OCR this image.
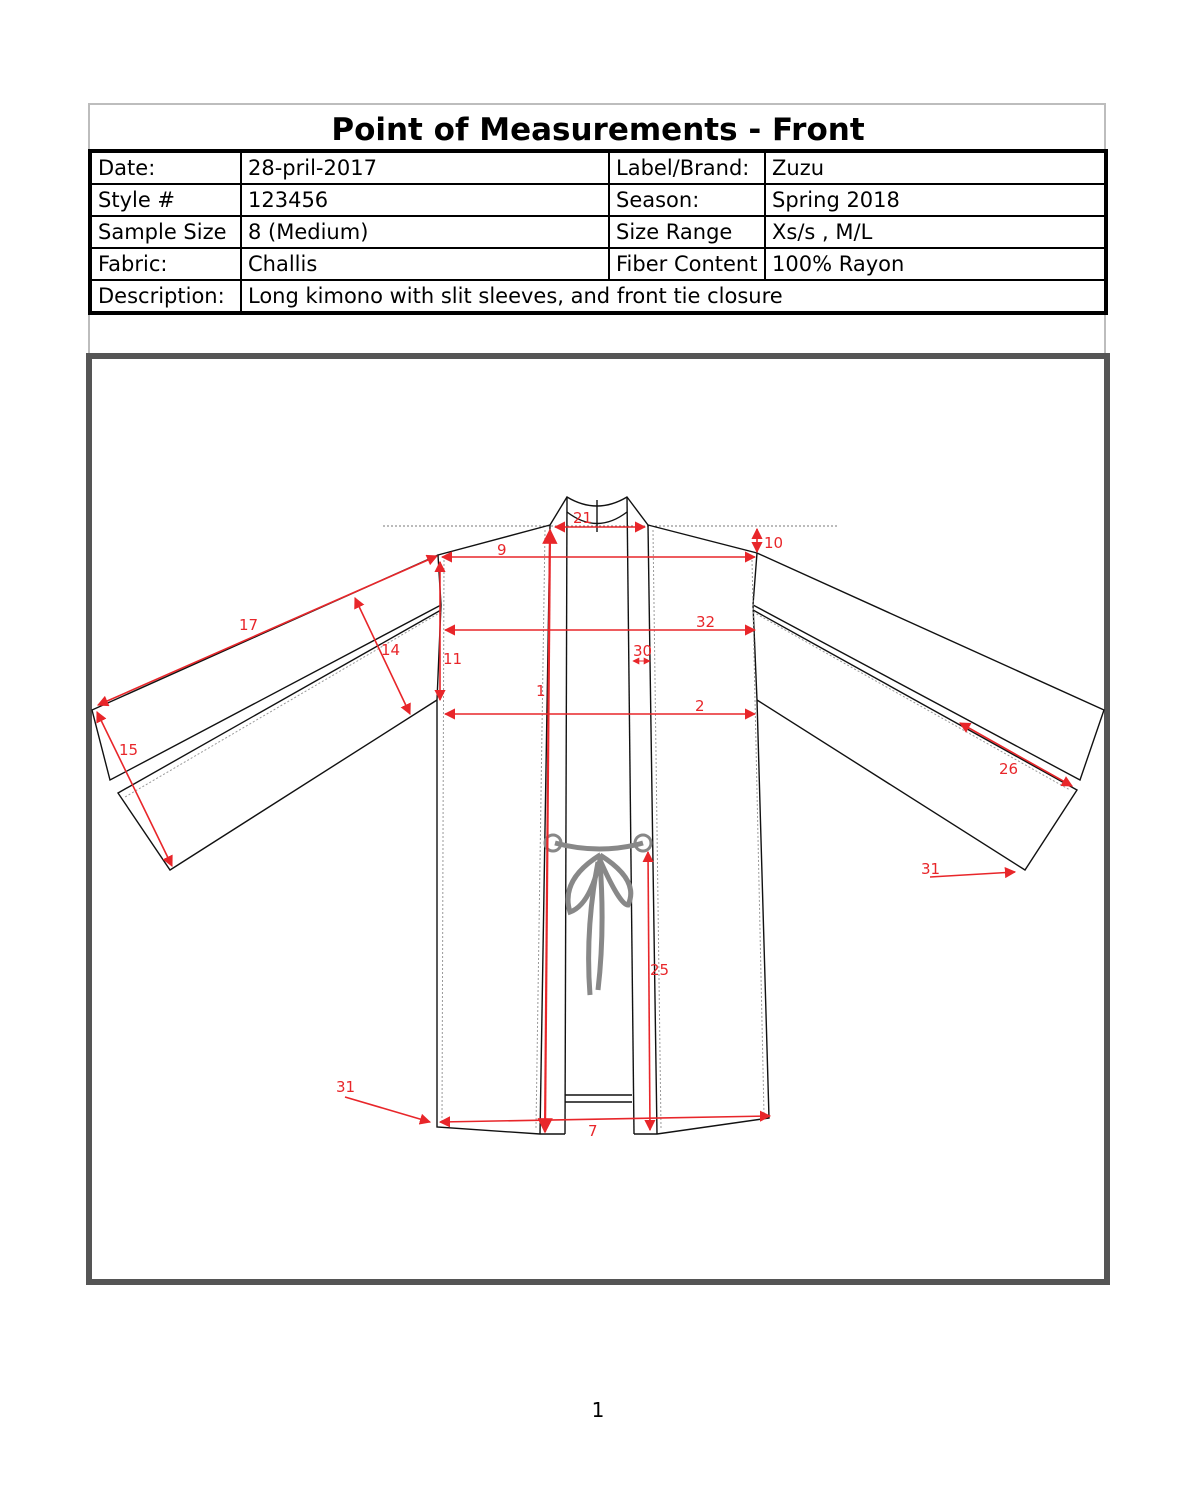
Point of Measurements - Front
Date:	28-pril-2017	Label/Brand:	Zuzu
Style #	123456	Season:	Spring 2018
Sample Size	8 (Medium)	Size Range	Xs/s , M/L
Fabric:	Challis	Fiber Content	100% Rayon
Description:	Long kimono with slit sleeves, and front tie closure		
21
9	10
32
30
11
1
2
14
17
15
26
31
31
7
25
1
